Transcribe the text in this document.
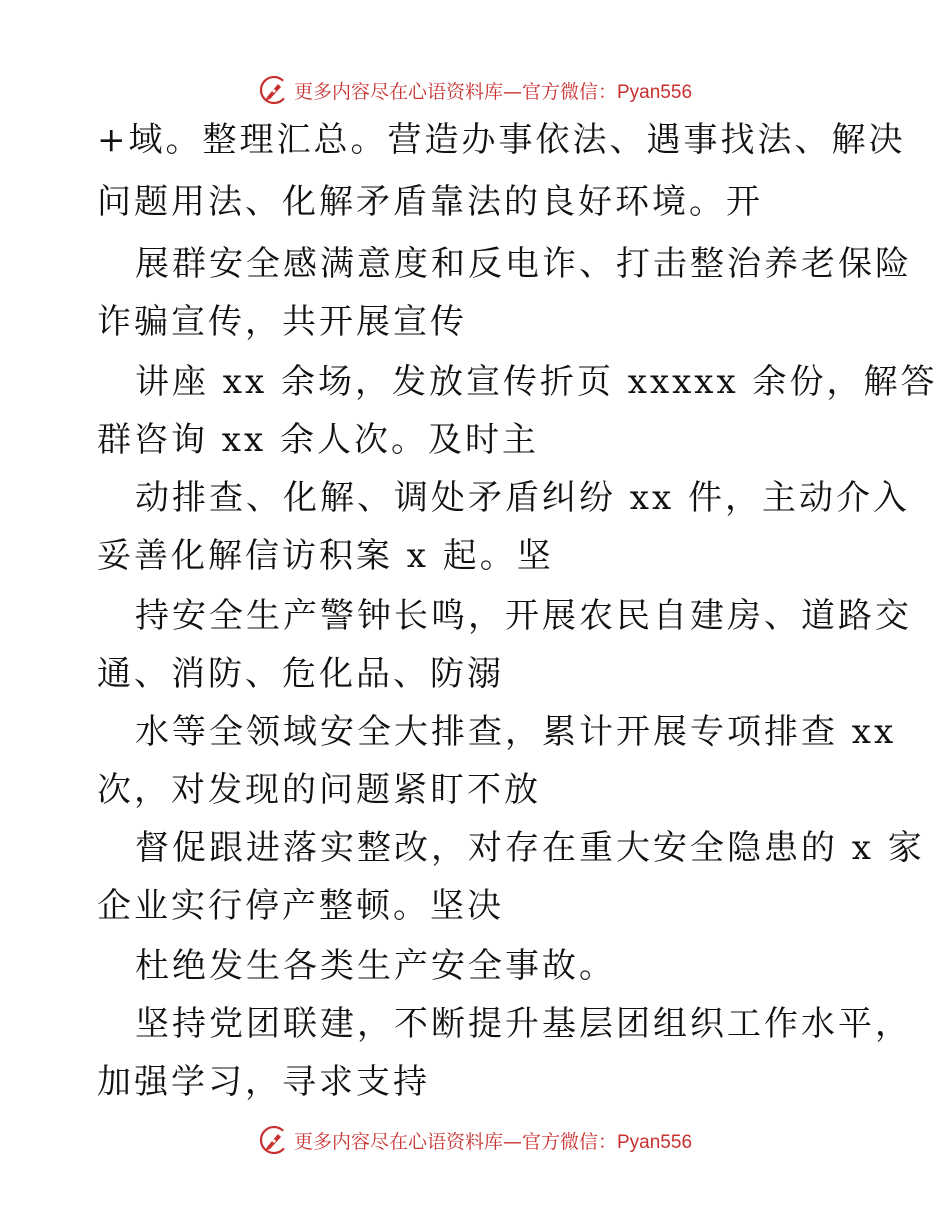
更多内容尽在心语资料库—官方微信：Pyan556
+域。整理汇总。营造办事依法、遇事找法、解决
问题用法、化解矛盾靠法的良好环境。开
展群安全感满意度和反电诈、打击整治养老保险
诈骗宣传，共开展宣传
讲座 xx 余场，发放宣传折页 xxxxx 余份，解答
群咨询 xx 余人次。及时主
动排查、化解、调处矛盾纠纷 xx 件，主动介入
妥善化解信访积案 x 起。坚
持安全生产警钟长鸣，开展农民自建房、道路交
通、消防、危化品、防溺
水等全领域安全大排查，累计开展专项排查 xx
次，对发现的问题紧盯不放
督促跟进落实整改，对存在重大安全隐患的 x 家
企业实行停产整顿。坚决
杜绝发生各类生产安全事故。
坚持党团联建，不断提升基层团组织工作水平，
加强学习，寻求支持
更多内容尽在心语资料库—官方微信：Pyan556
